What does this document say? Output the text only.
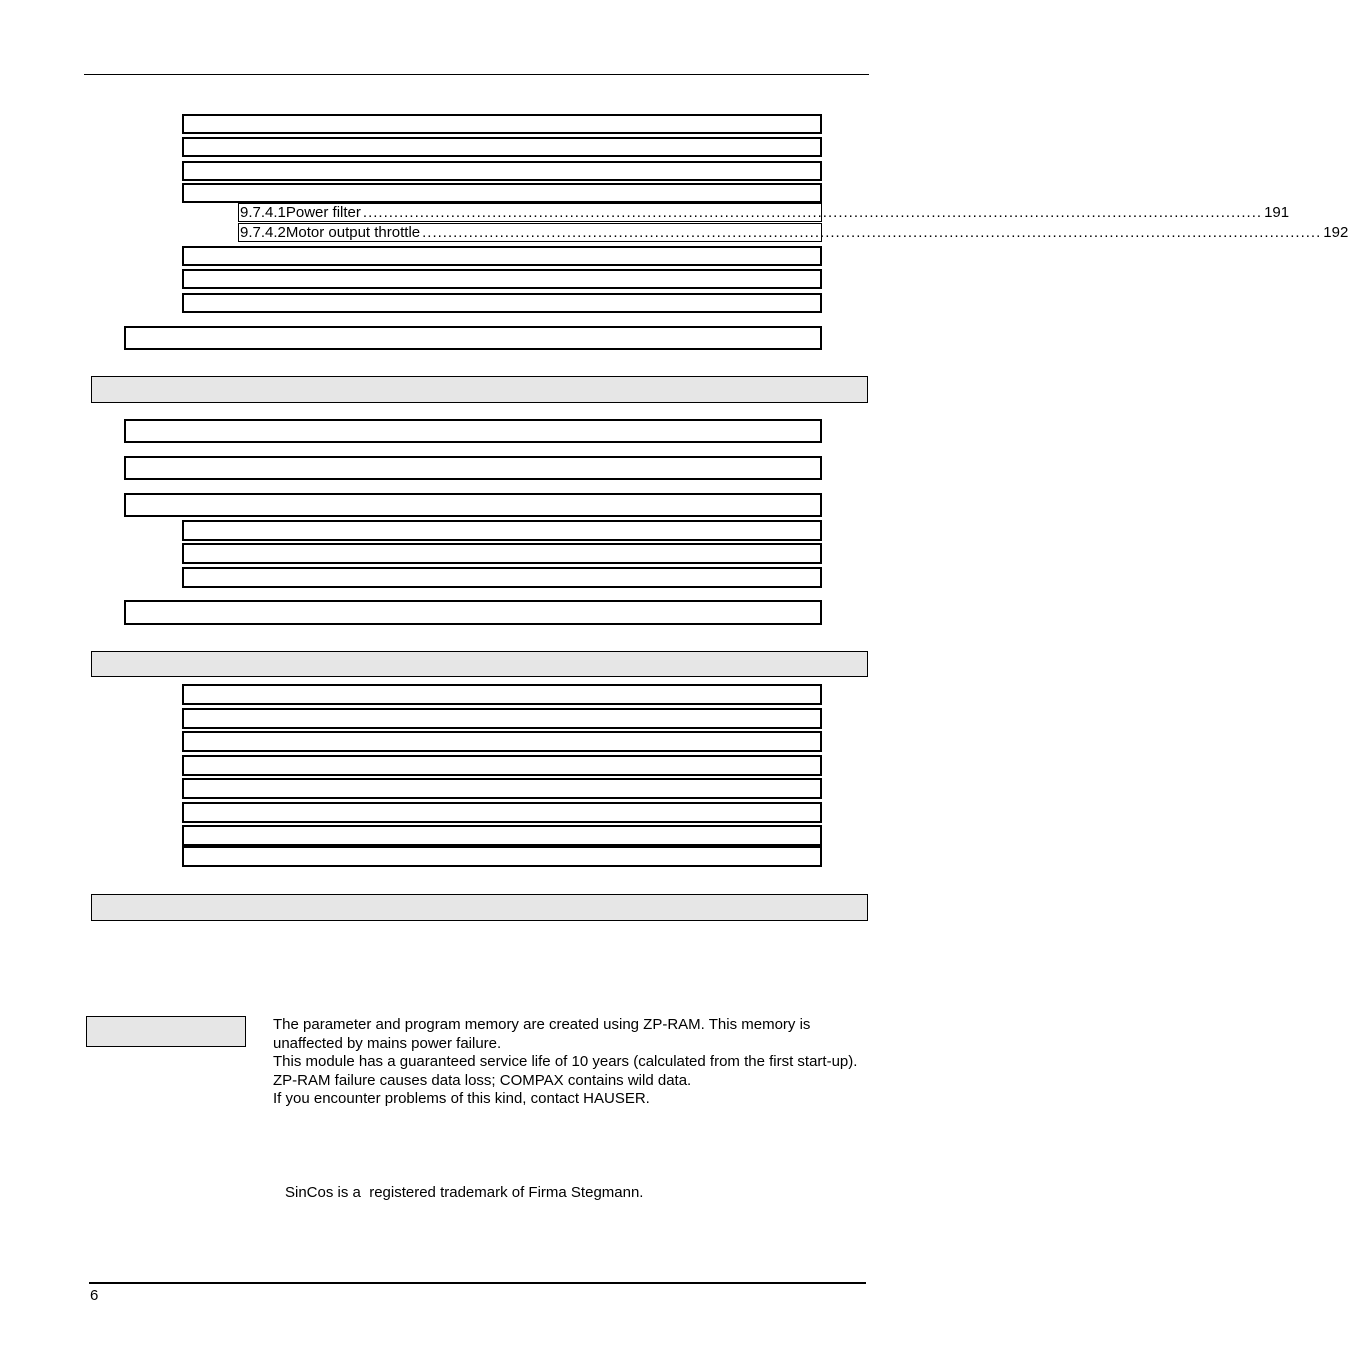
9.7.4.1 Power filter .............................................................................................................................................................................. 191
9.7.4.2 Motor output throttle .............................................................................................................................................................................. 192

The parameter and program memory are created using ZP-RAM. This memory is unaffected by mains power failure.

This module has a guaranteed service life of 10 years (calculated from the first start-up).

ZP-RAM failure causes data loss; COMPAX contains wild data.

If you encounter problems of this kind, contact HAUSER.

SinCos is a  registered trademark of Firma Stegmann.
6
